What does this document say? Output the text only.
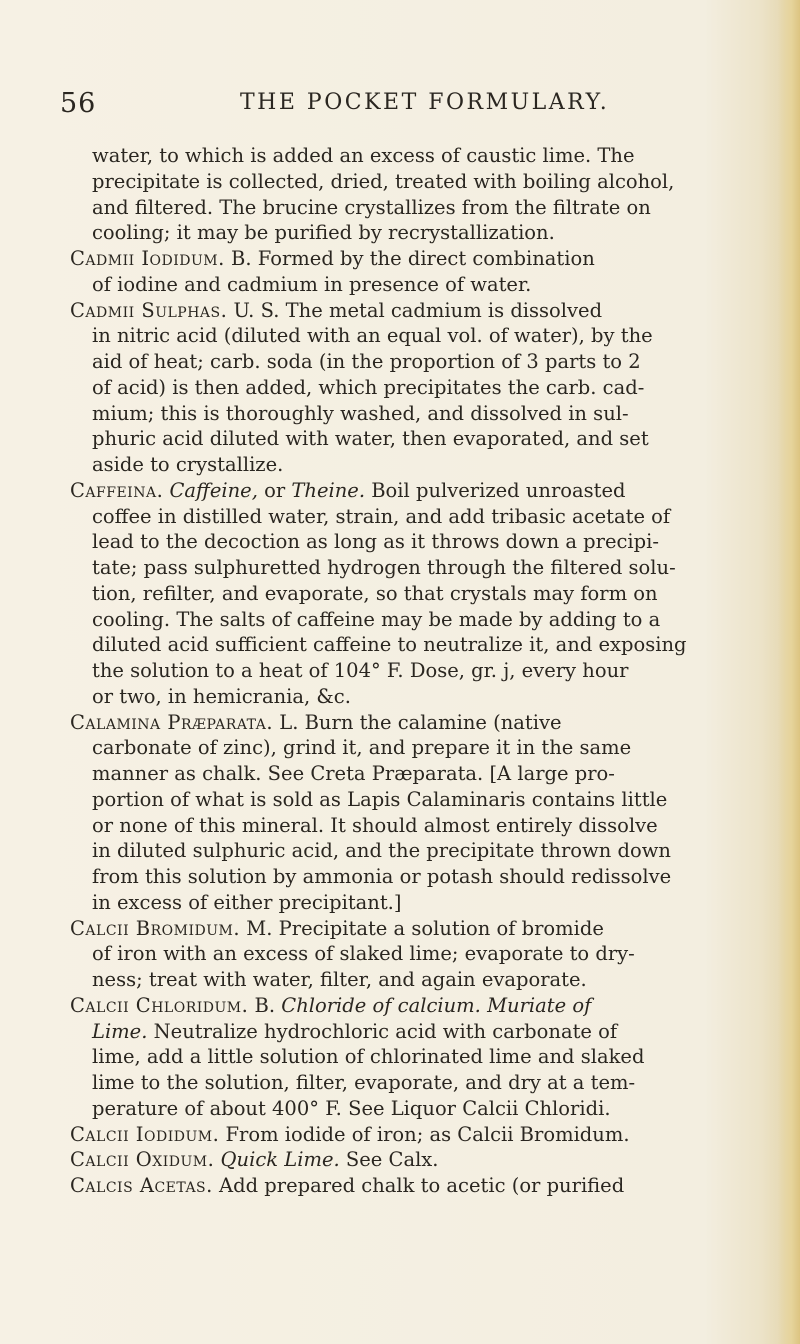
56	THE POCKET FORMULARY.
water, to which is added an excess of caustic lime. The
precipitate is collected, dried, treated with boiling alcohol,
and filtered. The brucine crystallizes from the filtrate on
cooling; it may be purified by recrystallization.
Cadmii Iodidum. B. Formed by the direct combination
of iodine and cadmium in presence of water.
Cadmii Sulphas. U. S. The metal cadmium is dissolved
in nitric acid (diluted with an equal vol. of water), by the
aid of heat; carb. soda (in the proportion of 3 parts to 2
of acid) is then added, which precipitates the carb. cad-
mium; this is thoroughly washed, and dissolved in sul-
phuric acid diluted with water, then evaporated, and set
aside to crystallize.
Caffeina. Caffeine, or Theine. Boil pulverized unroasted
coffee in distilled water, strain, and add tribasic acetate of
lead to the decoction as long as it throws down a precipi-
tate; pass sulphuretted hydrogen through the filtered solu-
tion, refilter, and evaporate, so that crystals may form on
cooling. The salts of caffeine may be made by adding to a
diluted acid sufficient caffeine to neutralize it, and exposing
the solution to a heat of 104° F. Dose, gr. j, every hour
or two, in hemicrania, &c.
Calamina Præparata. L. Burn the calamine (native
carbonate of zinc), grind it, and prepare it in the same
manner as chalk. See Creta Præparata. [A large pro-
portion of what is sold as Lapis Calaminaris contains little
or none of this mineral. It should almost entirely dissolve
in diluted sulphuric acid, and the precipitate thrown down
from this solution by ammonia or potash should redissolve
in excess of either precipitant.]
Calcii Bromidum. M. Precipitate a solution of bromide
of iron with an excess of slaked lime; evaporate to dry-
ness; treat with water, filter, and again evaporate.
Calcii Chloridum. B. Chloride of calcium. Muriate of
Lime. Neutralize hydrochloric acid with carbonate of
lime, add a little solution of chlorinated lime and slaked
lime to the solution, filter, evaporate, and dry at a tem-
perature of about 400° F. See Liquor Calcii Chloridi.
Calcii Iodidum. From iodide of iron; as Calcii Bromidum.
Calcii Oxidum. Quick Lime. See Calx.
Calcis Acetas. Add prepared chalk to acetic (or purified
